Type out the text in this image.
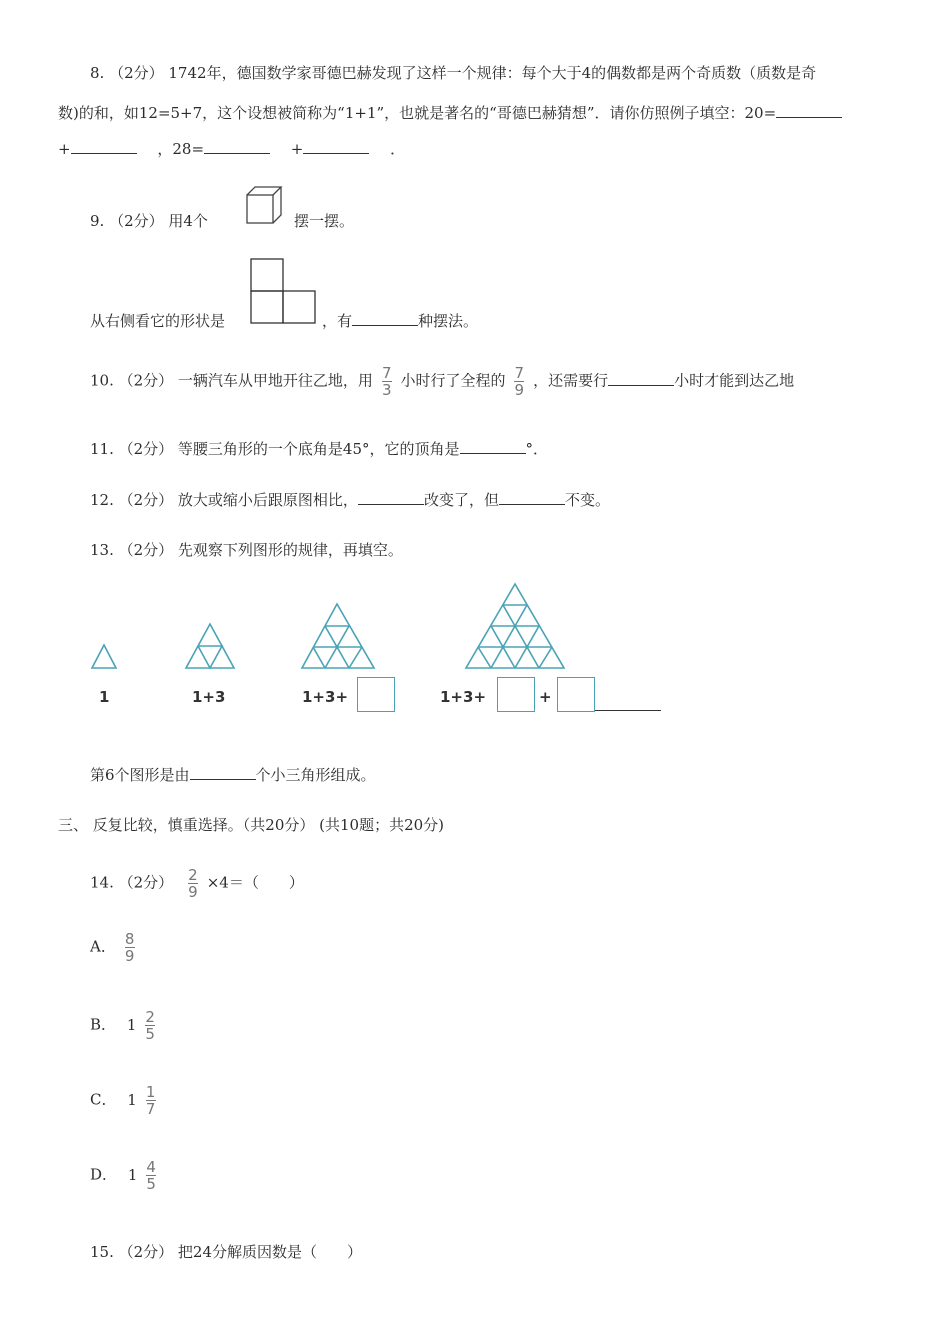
8. （2分） 1742年，德国数学家哥德巴赫发现了这样一个规律：每个大于4的偶数都是两个奇质数（质数是奇
数)的和，如12=5+7，这个设想被简称为“1+1”，也就是著名的“哥德巴赫猜想”．请你仿照例子填空：20=
+	，28=	+	．
9. （2分） 用4个	摆一摆。
从右侧看它的形状是	，有	种摆法。
10. （2分） 一辆汽车从甲地开往乙地，用 $\frac{7}{3}$ 小时行了全程的 $\frac{7}{9}$ ，还需要行	小时才能到达乙地
11. （2分） 等腰三角形的一个底角是45°，它的顶角是	°．
12. （2分） 放大或缩小后跟原图相比，	改变了，但	不变。
13. （2分） 先观察下列图形的规律，再填空。
1	1+3	1+3+	1+3+	+
第6个图形是由	个小三角形组成。
三、 反复比较，慎重选择。（共20分） (共10题；共20分)
14. （2分） $\frac{2}{9} \times 4=$（　　）
A． $\frac{8}{9}$
B． $1 \frac{2}{5}$
C． $1 \frac{1}{7}$
D． $1 \frac{4}{5}$
15. （2分） 把24分解质因数是（　　）
